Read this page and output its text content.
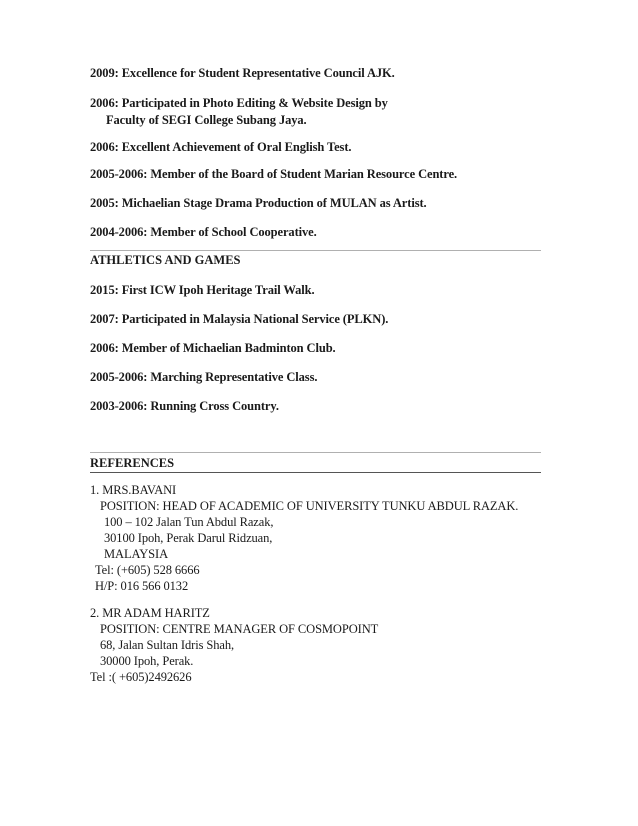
2009: Excellence for Student Representative Council AJK.
2006: Participated in Photo Editing & Website Design by
Faculty of SEGI College Subang Jaya.
2006: Excellent Achievement of Oral English Test.
2005-2006: Member of the Board of Student Marian Resource Centre.
2005: Michaelian Stage Drama Production of MULAN as Artist.
2004-2006: Member of School Cooperative.
ATHLETICS AND GAMES
2015: First ICW Ipoh Heritage Trail Walk.
2007: Participated in Malaysia National Service (PLKN).
2006: Member of Michaelian Badminton Club.
2005-2006: Marching Representative Class.
2003-2006: Running Cross Country.
REFERENCES
1. MRS.BAVANI
POSITION: HEAD OF ACADEMIC OF UNIVERSITY TUNKU ABDUL RAZAK.
100 – 102 Jalan Tun Abdul Razak,
30100 Ipoh, Perak Darul Ridzuan,
MALAYSIA
Tel: (+605) 528 6666
H/P: 016 566 0132
2. MR ADAM HARITZ
POSITION: CENTRE MANAGER OF COSMOPOINT
68, Jalan Sultan Idris Shah,
30000 Ipoh, Perak.
Tel :( +605)2492626
